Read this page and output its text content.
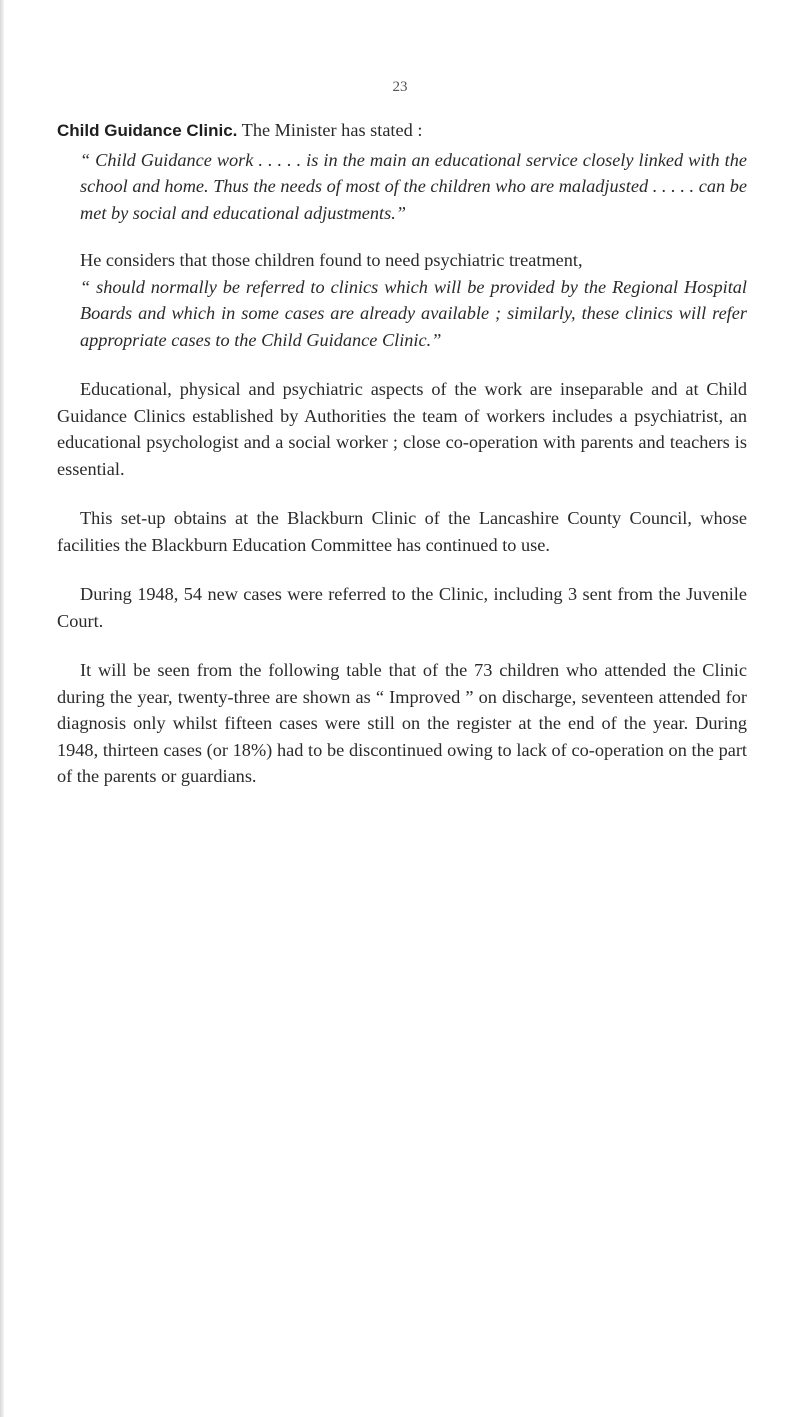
23

Child Guidance Clinic. The Minister has stated :

“ Child Guidance work . . . . . is in the main an educational service closely linked with the school and home. Thus the needs of most of the children who are maladjusted . . . . . can be met by social and educational adjustments.”

He considers that those children found to need psychiatric treatment,

“ should normally be referred to clinics which will be provided by the Regional Hospital Boards and which in some cases are already available ; similarly, these clinics will refer appropriate cases to the Child Guidance Clinic.”

Educational, physical and psychiatric aspects of the work are inseparable and at Child Guidance Clinics established by Authorities the team of workers includes a psychiatrist, an educational psychologist and a social worker ; close co-operation with parents and teachers is essential.

This set-up obtains at the Blackburn Clinic of the Lancashire County Council, whose facilities the Blackburn Education Committee has continued to use.

During 1948, 54 new cases were referred to the Clinic, including 3 sent from the Juvenile Court.

It will be seen from the following table that of the 73 children who attended the Clinic during the year, twenty-three are shown as “ Improved ” on discharge, seventeen attended for diagnosis only whilst fifteen cases were still on the register at the end of the year. During 1948, thirteen cases (or 18%) had to be discontinued owing to lack of co-operation on the part of the parents or guardians.
